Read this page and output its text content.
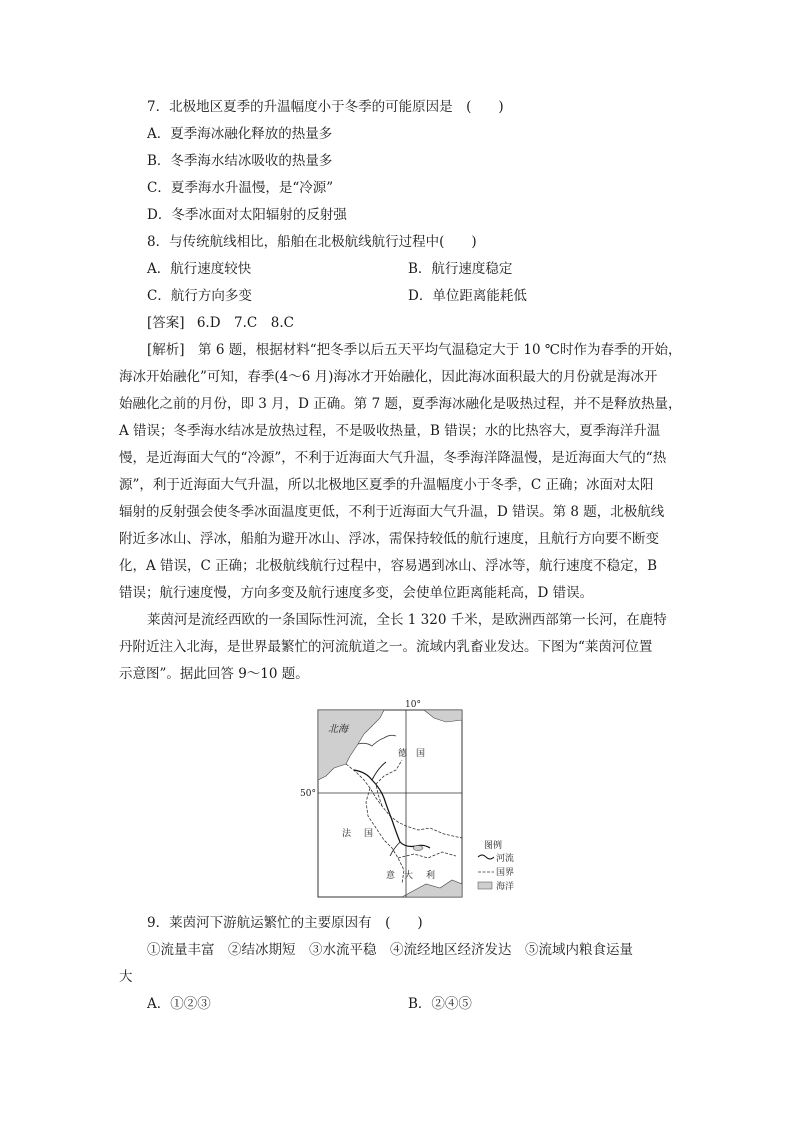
7．北极地区夏季的升温幅度小于冬季的可能原因是　(　　)
A．夏季海冰融化释放的热量多
B．冬季海水结冰吸收的热量多
C．夏季海水升温慢，是“冷源”
D．冬季冰面对太阳辐射的反射强
8．与传统航线相比，船舶在北极航线航行过程中(　　)
A．航行速度较快	B．航行速度稳定
C．航行方向多变	D．单位距离能耗低
[答案] 6.D　7.C　8.C
[解析]　第 6 题，根据材料“把冬季以后五天平均气温稳定大于 10 ℃时作为春季的开始，
海冰开始融化”可知，春季(4～6 月)海冰才开始融化，因此海冰面积最大的月份就是海冰开
始融化之前的月份，即 3 月，D 正确。第 7 题，夏季海冰融化是吸热过程，并不是释放热量，
A 错误；冬季海水结冰是放热过程，不是吸收热量，B 错误；水的比热容大，夏季海洋升温
慢，是近海面大气的“冷源”，不利于近海面大气升温，冬季海洋降温慢，是近海面大气的“热
源”，利于近海面大气升温，所以北极地区夏季的升温幅度小于冬季，C 正确；冰面对太阳
辐射的反射强会使冬季冰面温度更低，不利于近海面大气升温，D 错误。第 8 题，北极航线
附近多冰山、浮冰，船舶为避开冰山、浮冰，需保持较低的航行速度，且航行方向要不断变
化，A 错误，C 正确；北极航线航行过程中，容易遇到冰山、浮冰等，航行速度不稳定，B
错误；航行速度慢，方向多变及航行速度多变，会使单位距离能耗高，D 错误。
莱茵河是流经西欧的一条国际性河流，全长 1 320 千米，是欧洲西部第一长河，在鹿特
丹附近注入北海，是世界最繁忙的河流航道之一。流域内乳畜业发达。下图为“莱茵河位置
示意图”。据此回答 9～10 题。
10°
50°
北海
德 国
法 国
意 大 利
图例
河流
国界
海洋
9．莱茵河下游航运繁忙的主要原因有　(　　)
①流量丰富　②结冰期短　③水流平稳　④流经地区经济发达　⑤流域内粮食运量
大
A．①②③	B．②④⑤
